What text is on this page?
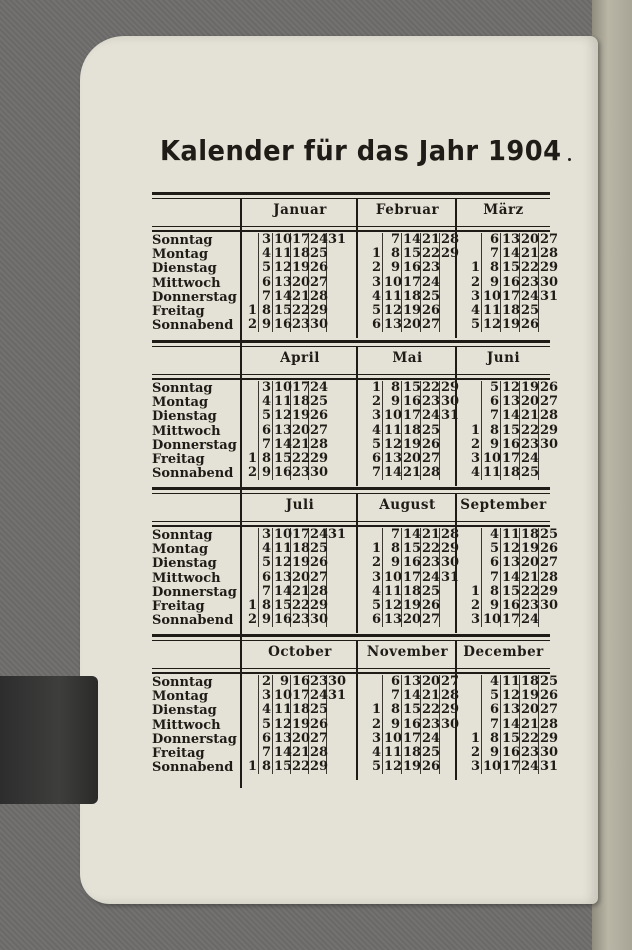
Kalender für das Jahr 1904
Sonntag
Montag
Dienstag
Mittwoch
Donnerstag
Freitag
Sonnabend
Januar
1
2
3
4
5
6
7
8
9
10
11
12
13
14
15
16
17
18
19
20
21
22
23
24
25
26
27
28
29
30
31
Februar
1
2
3
4
5
6
7
8
9
10
11
12
13
14
15
16
17
18
19
20
21
22
23
24
25
26
27
28
29
März
1
2
3
4
5
6
7
8
9
10
11
12
13
14
15
16
17
18
19
20
21
22
23
24
25
26
27
28
29
30
31
Sonntag
Montag
Dienstag
Mittwoch
Donnerstag
Freitag
Sonnabend
April
1
2
3
4
5
6
7
8
9
10
11
12
13
14
15
16
17
18
19
20
21
22
23
24
25
26
27
28
29
30
Mai
1
2
3
4
5
6
7
8
9
10
11
12
13
14
15
16
17
18
19
20
21
22
23
24
25
26
27
28
29
30
31
Juni
1
2
3
4
5
6
7
8
9
10
11
12
13
14
15
16
17
18
19
20
21
22
23
24
25
26
27
28
29
30
Sonntag
Montag
Dienstag
Mittwoch
Donnerstag
Freitag
Sonnabend
Juli
1
2
3
4
5
6
7
8
9
10
11
12
13
14
15
16
17
18
19
20
21
22
23
24
25
26
27
28
29
30
31
August
1
2
3
4
5
6
7
8
9
10
11
12
13
14
15
16
17
18
19
20
21
22
23
24
25
26
27
28
29
30
31
September
1
2
3
4
5
6
7
8
9
10
11
12
13
14
15
16
17
18
19
20
21
22
23
24
25
26
27
28
29
30
Sonntag
Montag
Dienstag
Mittwoch
Donnerstag
Freitag
Sonnabend
October
1
2
3
4
5
6
7
8
9
10
11
12
13
14
15
16
17
18
19
20
21
22
23
24
25
26
27
28
29
30
31
November
1
2
3
4
5
6
7
8
9
10
11
12
13
14
15
16
17
18
19
20
21
22
23
24
25
26
27
28
29
30
December
1
2
3
4
5
6
7
8
9
10
11
12
13
14
15
16
17
18
19
20
21
22
23
24
25
26
27
28
29
30
31
